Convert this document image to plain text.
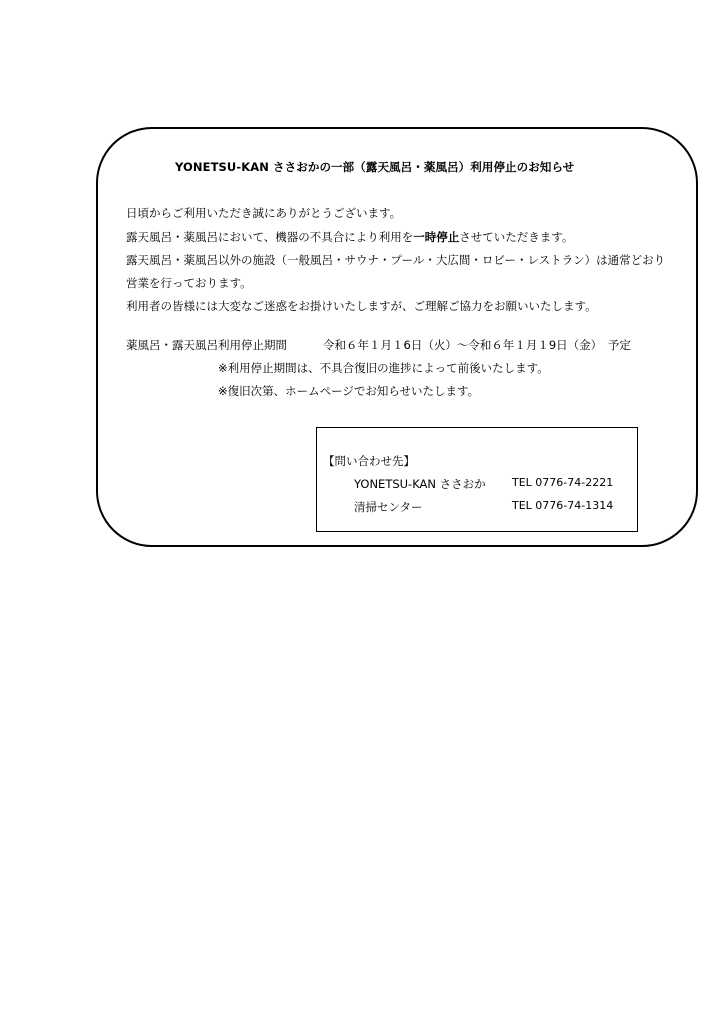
YONETSU-KAN ささおかの一部（露天風呂・薬風呂）利用停止のお知らせ
日頃からご利用いただき誠にありがとうございます。
露天風呂・薬風呂において、機器の不具合により利用を一時停止させていただきます。
露天風呂・薬風呂以外の施設（一般風呂・サウナ・プール・大広間・ロビー・レストラン）は通常どおり
営業を行っております。
利用者の皆様には大変なご迷惑をお掛けいたしますが、ご理解ご協力をお願いいたします。
薬風呂・露天風呂利用停止期間	令和６年１月１6日（火）～令和６年１月１9日（金）　予定
※利用停止期間は、不具合復旧の進捗によって前後いたします。
※復旧次第、ホームページでお知らせいたします。
【問い合わせ先】
YONETSU-KAN ささおか TEL 0776-74-2221
清掃センター	TEL 0776-74-1314
